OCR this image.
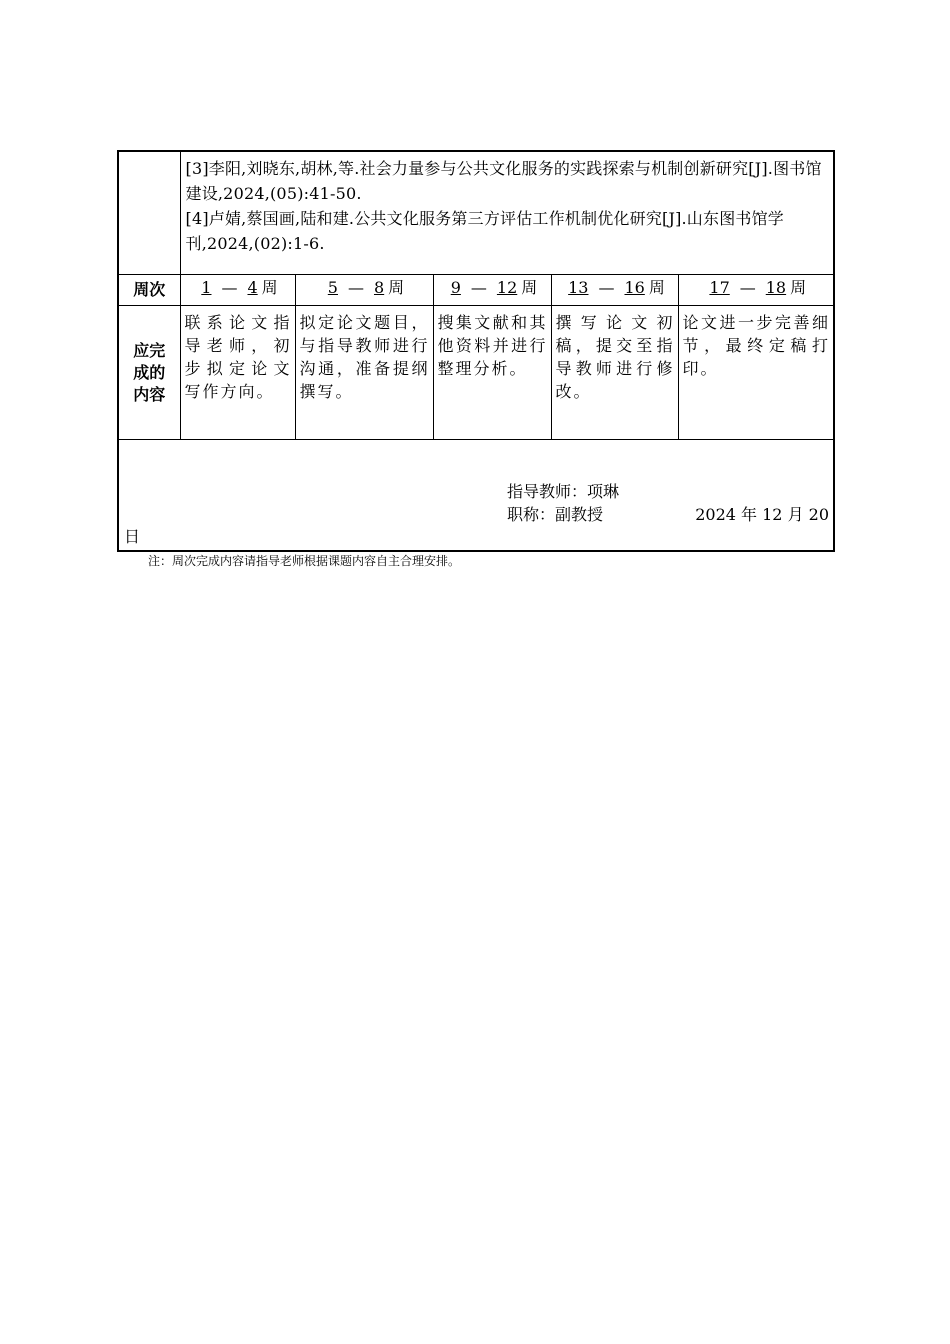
	[3]李阳,刘晓东,胡林,等.社会力量参与公共文化服务的实践探索与机制创新研究[J].图书馆建设,2024,(05):41-50.
[4]卢婧,蔡国画,陆和建.公共文化服务第三方评估工作机制优化研究[J].山东图书馆学刊,2024,(02):1-6.				

周次	1 — 4 周	5 — 8 周	9 — 12 周	13 — 16 周	17 — 18 周

应完
成的
内容	联系论文指导老师，初步拟定论文写作方向。	拟定论文题目，与指导教师进行沟通，准备提纲撰写。	搜集文献和其他资料并进行整理分析。	撰写论文初稿，提交至指导教师进行修改。	论文进一步完善细节，最终定稿打印。

指导教师：项琳
职称：副教授 2024 年 12 月 20
日					
注：周次完成内容请指导老师根据课题内容自主合理安排。
